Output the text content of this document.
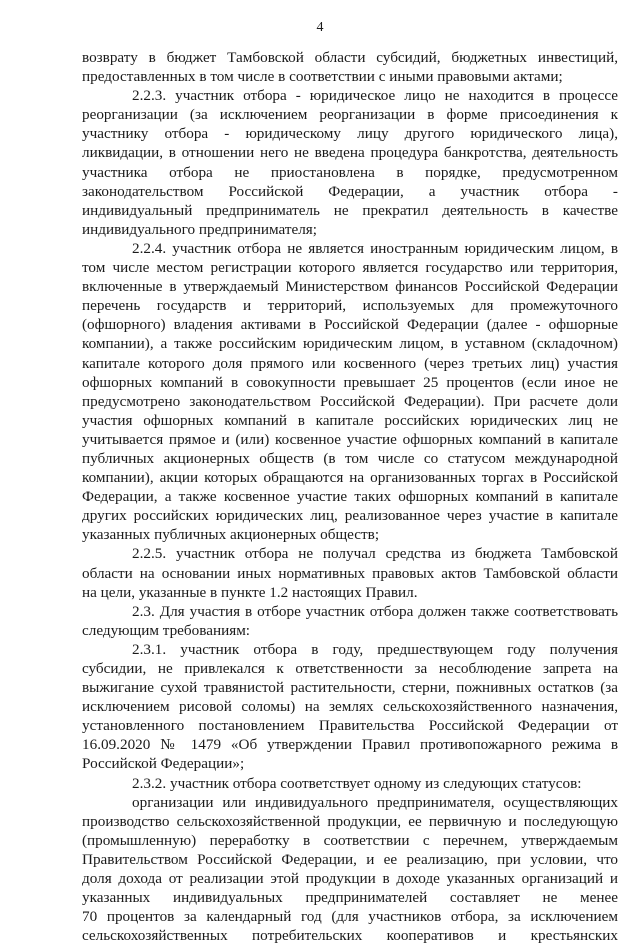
4
возврату в бюджет Тамбовской области субсидий, бюджетных инвестиций,
предоставленных в том числе в соответствии с иными правовыми актами;
2.2.3. участник отбора - юридическое лицо не находится в процессе
реорганизации (за исключением реорганизации в форме присоединения к
участнику отбора - юридическому лицу другого юридического лица),
ликвидации, в отношении него не введена процедура банкротства, деятельность
участника отбора не приостановлена в порядке, предусмотренном
законодательством Российской Федерации, а участник отбора -
индивидуальный предприниматель не прекратил деятельность в качестве
индивидуального предпринимателя;
2.2.4. участник отбора не является иностранным юридическим лицом, в
том числе местом регистрации которого является государство или территория,
включенные в утверждаемый Министерством финансов Российской Федерации
перечень государств и территорий, используемых для промежуточного
(офшорного) владения активами в Российской Федерации (далее - офшорные
компании), а также российским юридическим лицом, в уставном (складочном)
капитале которого доля прямого или косвенного (через третьих лиц) участия
офшорных компаний в совокупности превышает 25 процентов (если иное не
предусмотрено законодательством Российской Федерации). При расчете доли
участия офшорных компаний в капитале российских юридических лиц не
учитывается прямое и (или) косвенное участие офшорных компаний в капитале
публичных акционерных обществ (в том числе со статусом международной
компании), акции которых обращаются на организованных торгах в Российской
Федерации, а также косвенное участие таких офшорных компаний в капитале
других российских юридических лиц, реализованное через участие в капитале
указанных публичных акционерных обществ;
2.2.5. участник отбора не получал средства из бюджета Тамбовской
области на основании иных нормативных правовых актов Тамбовской области
на цели, указанные в пункте 1.2 настоящих Правил.
2.3. Для участия в отборе участник отбора должен также соответствовать
следующим требованиям:
2.3.1. участник отбора в году, предшествующем году получения
субсидии, не привлекался к ответственности за несоблюдение запрета на
выжигание сухой травянистой растительности, стерни, пожнивных остатков (за
исключением рисовой соломы) на землях сельскохозяйственного назначения,
установленного постановлением Правительства Российской Федерации от
16.09.2020 № 1479 «Об утверждении Правил противопожарного режима в
Российской Федерации»;
2.3.2. участник отбора соответствует одному из следующих статусов:
организации или индивидуального предпринимателя, осуществляющих
производство сельскохозяйственной продукции, ее первичную и последующую
(промышленную) переработку в соответствии с перечнем, утверждаемым
Правительством Российской Федерации, и ее реализацию, при условии, что
доля дохода от реализации этой продукции в доходе указанных организаций и
указанных индивидуальных предпринимателей составляет не менее
70 процентов за календарный год (для участников отбора, за исключением
сельскохозяйственных потребительских кооперативов и крестьянских
